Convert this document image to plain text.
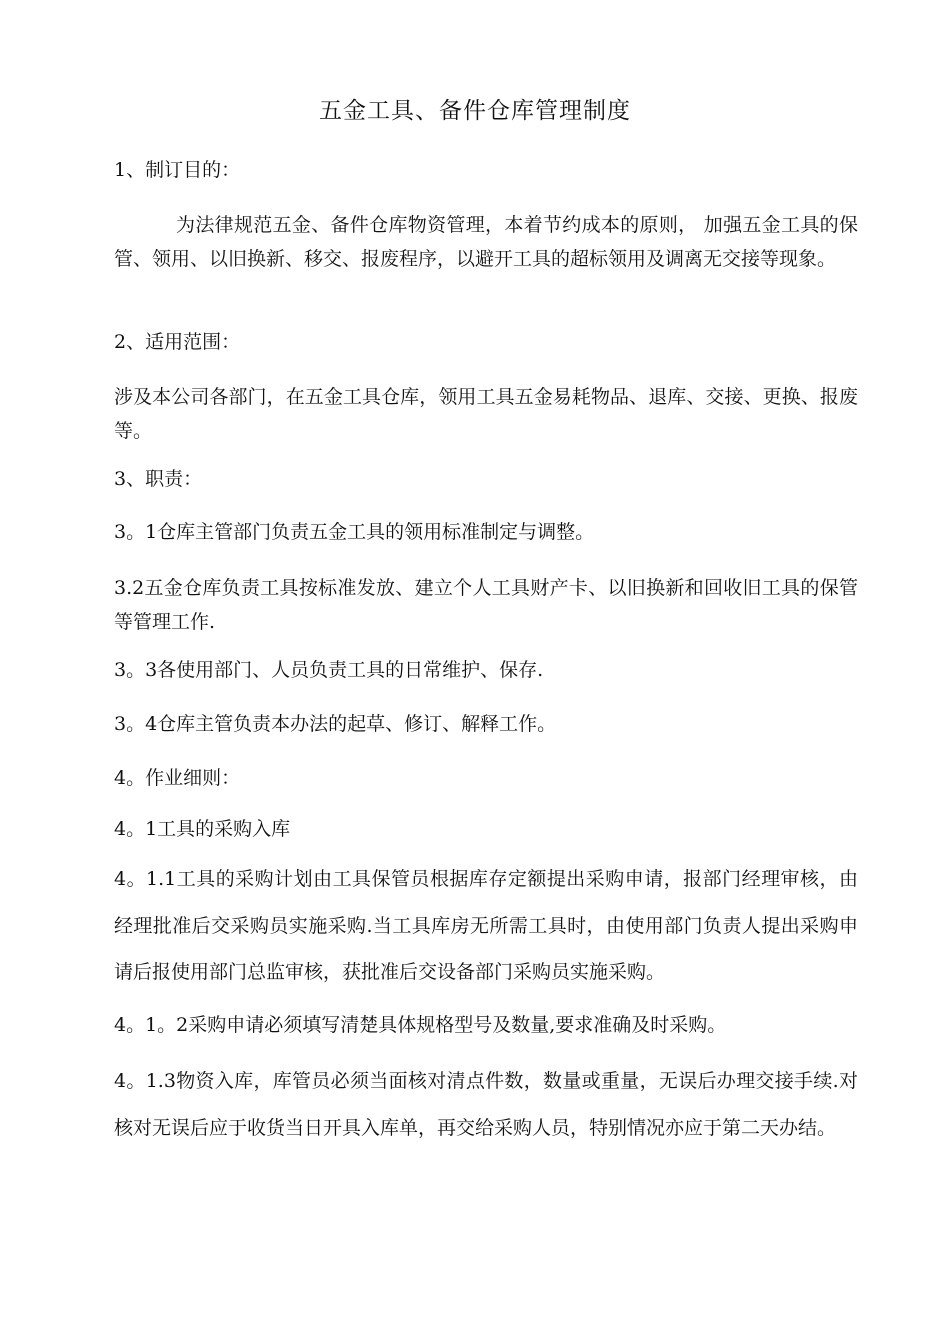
五金工具、备件仓库管理制度
1、制订目的：
为法律规范五金、备件仓库物资管理，本着节约成本的原则， 加强五金工具的保管、领用、以旧换新、移交、报废程序，以避开工具的超标领用及调离无交接等现象。
2、适用范围：
涉及本公司各部门，在五金工具仓库，领用工具五金易耗物品、退库、交接、更换、报废等。
3、职责：
3。1仓库主管部门负责五金工具的领用标准制定与调整。
3.2五金仓库负责工具按标准发放、建立个人工具财产卡、以旧换新和回收旧工具的保管等管理工作.
3。3各使用部门、人员负责工具的日常维护、保存.
3。4仓库主管负责本办法的起草、修订、解释工作。
4。作业细则：
4。1工具的采购入库
4。1.1工具的采购计划由工具保管员根据库存定额提出采购申请，报部门经理审核，由经理批准后交采购员实施采购.当工具库房无所需工具时，由使用部门负责人提出采购申请后报使用部门总监审核，获批准后交设备部门采购员实施采购。
4。1。2采购申请必须填写清楚具体规格型号及数量,要求准确及时采购。
4。1.3物资入库，库管员必须当面核对清点件数，数量或重量，无误后办理交接手续.对核对无误后应于收货当日开具入库单，再交给采购人员，特别情况亦应于第二天办结。
